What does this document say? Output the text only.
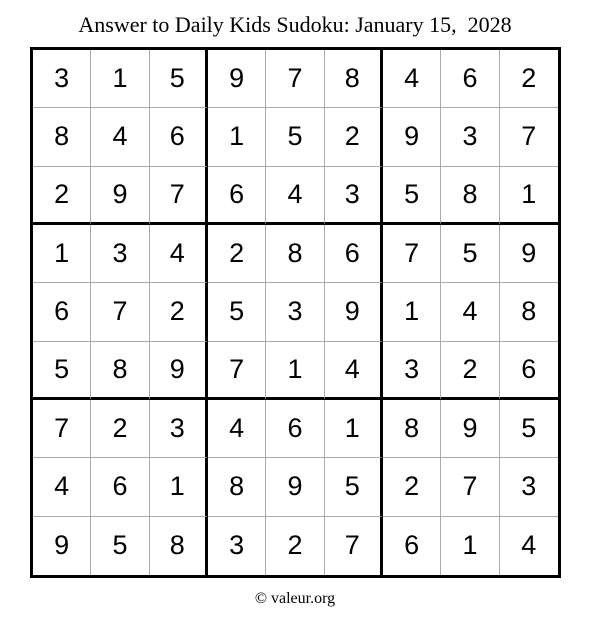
Answer to Daily Kids Sudoku: January 15,  2028
3	1	5	9	7	8	4	6	2
8	4	6	1	5	2	9	3	7
2	9	7	6	4	3	5	8	1
1	3	4	2	8	6	7	5	9
6	7	2	5	3	9	1	4	8
5	8	9	7	1	4	3	2	6
7	2	3	4	6	1	8	9	5
4	6	1	8	9	5	2	7	3
9	5	8	3	2	7	6	1	4
© valeur.org
